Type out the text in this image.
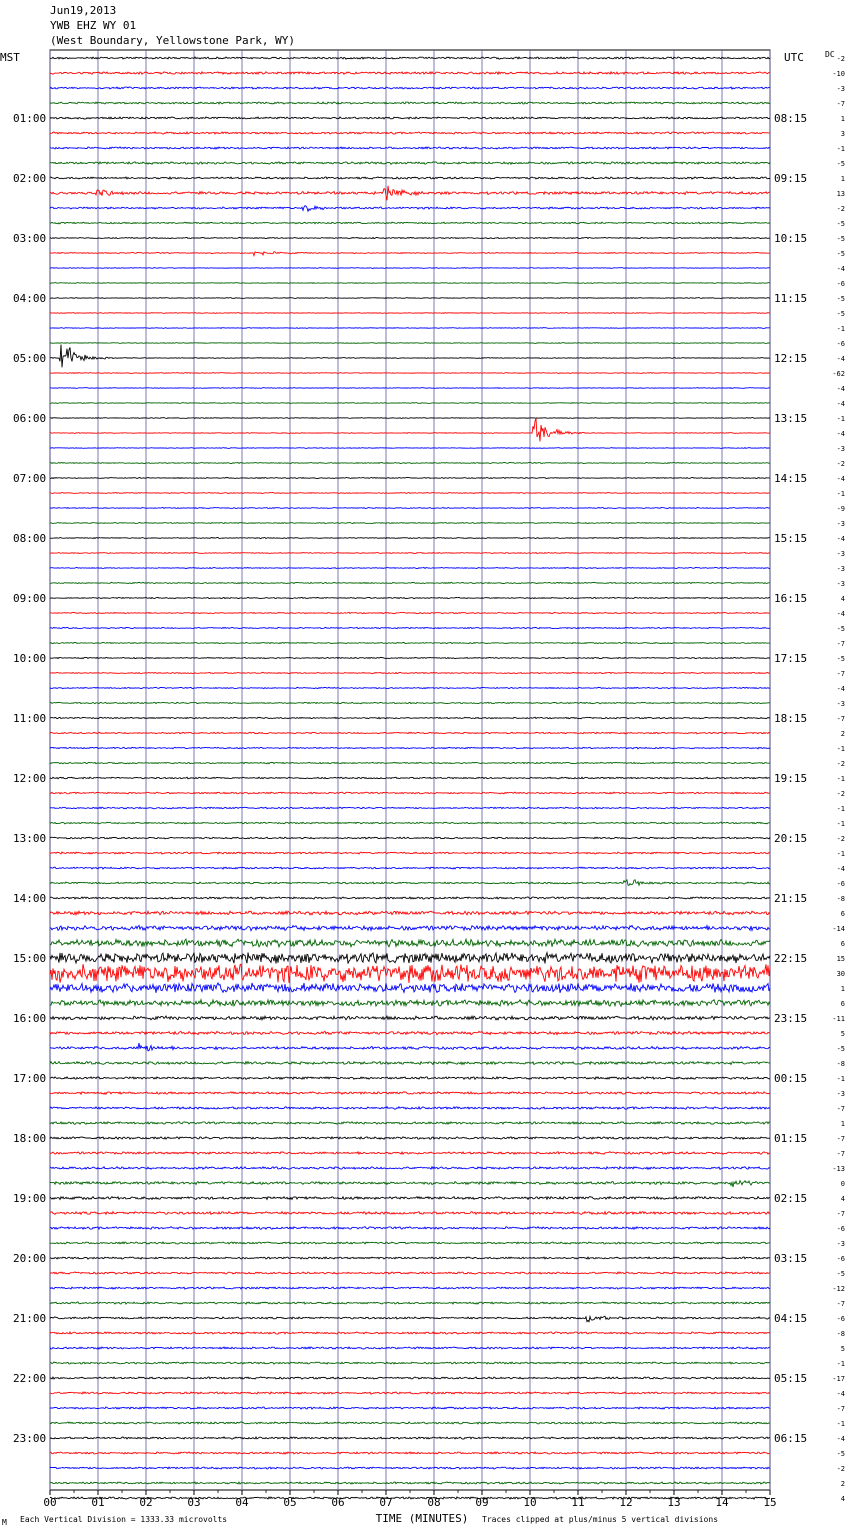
Jun19,2013
YWB EHZ WY 01
(West Boundary, Yellowstone Park, WY)
00	01	02	03	04	05	06	07	08	09	10	11	12	13	14	15
MST	UTC	DC
TIME (MINUTES)
01:00
02:00
03:00
04:00
05:00
06:00
07:00
08:00
09:00
10:00
11:00
12:00
13:00
14:00
15:00
16:00
17:00
18:00
19:00
20:00
21:00
22:00
23:00
08:15
09:15
10:15
11:15
12:15
13:15
14:15
15:15
16:15
17:15
18:15
19:15
20:15
21:15
22:15
23:15
00:15
01:15
02:15
03:15
04:15
05:15
06:15
-2
-10
-3
-7
1
3
-1
-5
1
13
-2
-5
-5
-5
-4
-6
-5
-5
-1
-6
-4
-62
-4
-4
-1
-4
-3
-2
-4
-1
-9
-3
-4
-3
-3
-3
4
-4
-5
-7
-5
-7
-4
-3
-7
2
-1
-2
-1
-2
-1
-1
-2
-1
-4
-6
-8
6
-14
6
15
30
1
6
-11
5
-5
-8
-1
-3
-7
1
-7
-7
-13
0
4
-7
-6
-3
-6
-5
-12
-7
-6
-8
5
-1
-17
-4
-7
-1
-4
-5
-2
2
4
M Each Vertical Division = 1333.33 microvolts	Traces clipped at plus/minus 5 vertical divisions
